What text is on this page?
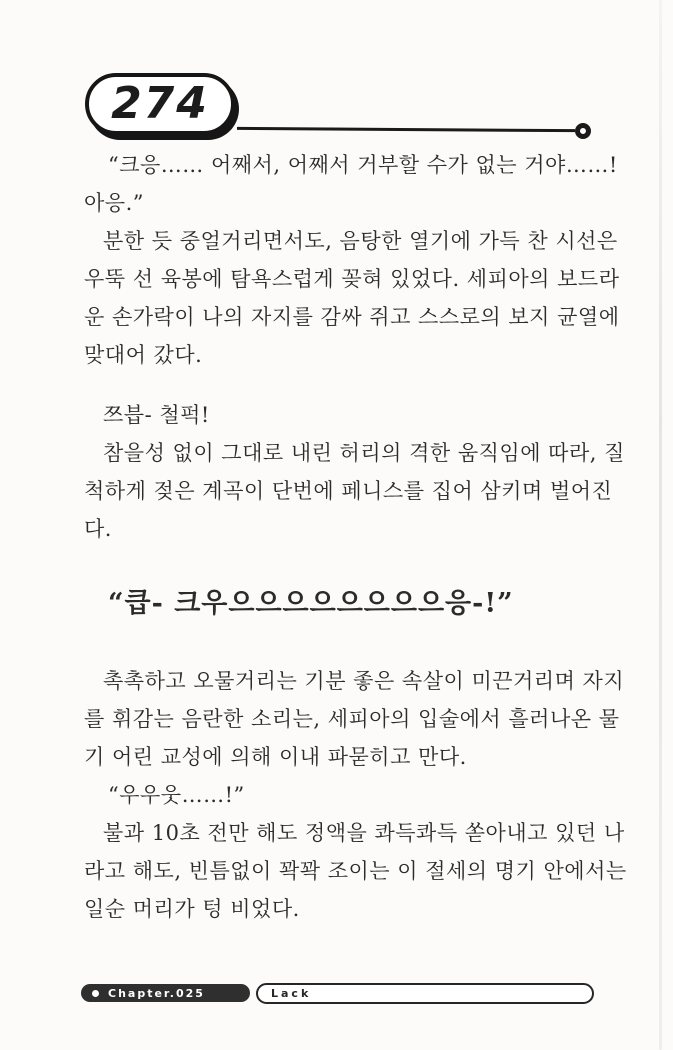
274
“크응…… 어째서, 어째서 거부할 수가 없는 거야……!
아응.”
분한 듯 중얼거리면서도, 음탕한 열기에 가득 찬 시선은
우뚝 선 육봉에 탐욕스럽게 꽂혀 있었다. 세피아의 보드라
운 손가락이 나의 자지를 감싸 쥐고 스스로의 보지 균열에
맞대어 갔다.
쯔븝- 철퍽!
참을성 없이 그대로 내린 허리의 격한 움직임에 따라, 질
척하게 젖은 계곡이 단번에 페니스를 집어 삼키며 벌어진
다.
“큽- 크우으으으으으으으으응-!”
촉촉하고 오물거리는 기분 좋은 속살이 미끈거리며 자지
를 휘감는 음란한 소리는, 세피아의 입술에서 흘러나온 물
기 어린 교성에 의해 이내 파묻히고 만다.
“우우웃……!”
불과 10초 전만 해도 정액을 콰득콰득 쏟아내고 있던 나
라고 해도, 빈틈없이 꽉꽉 조이는 이 절세의 명기 안에서는
일순 머리가 텅 비었다.
Chapter.025	Lack
